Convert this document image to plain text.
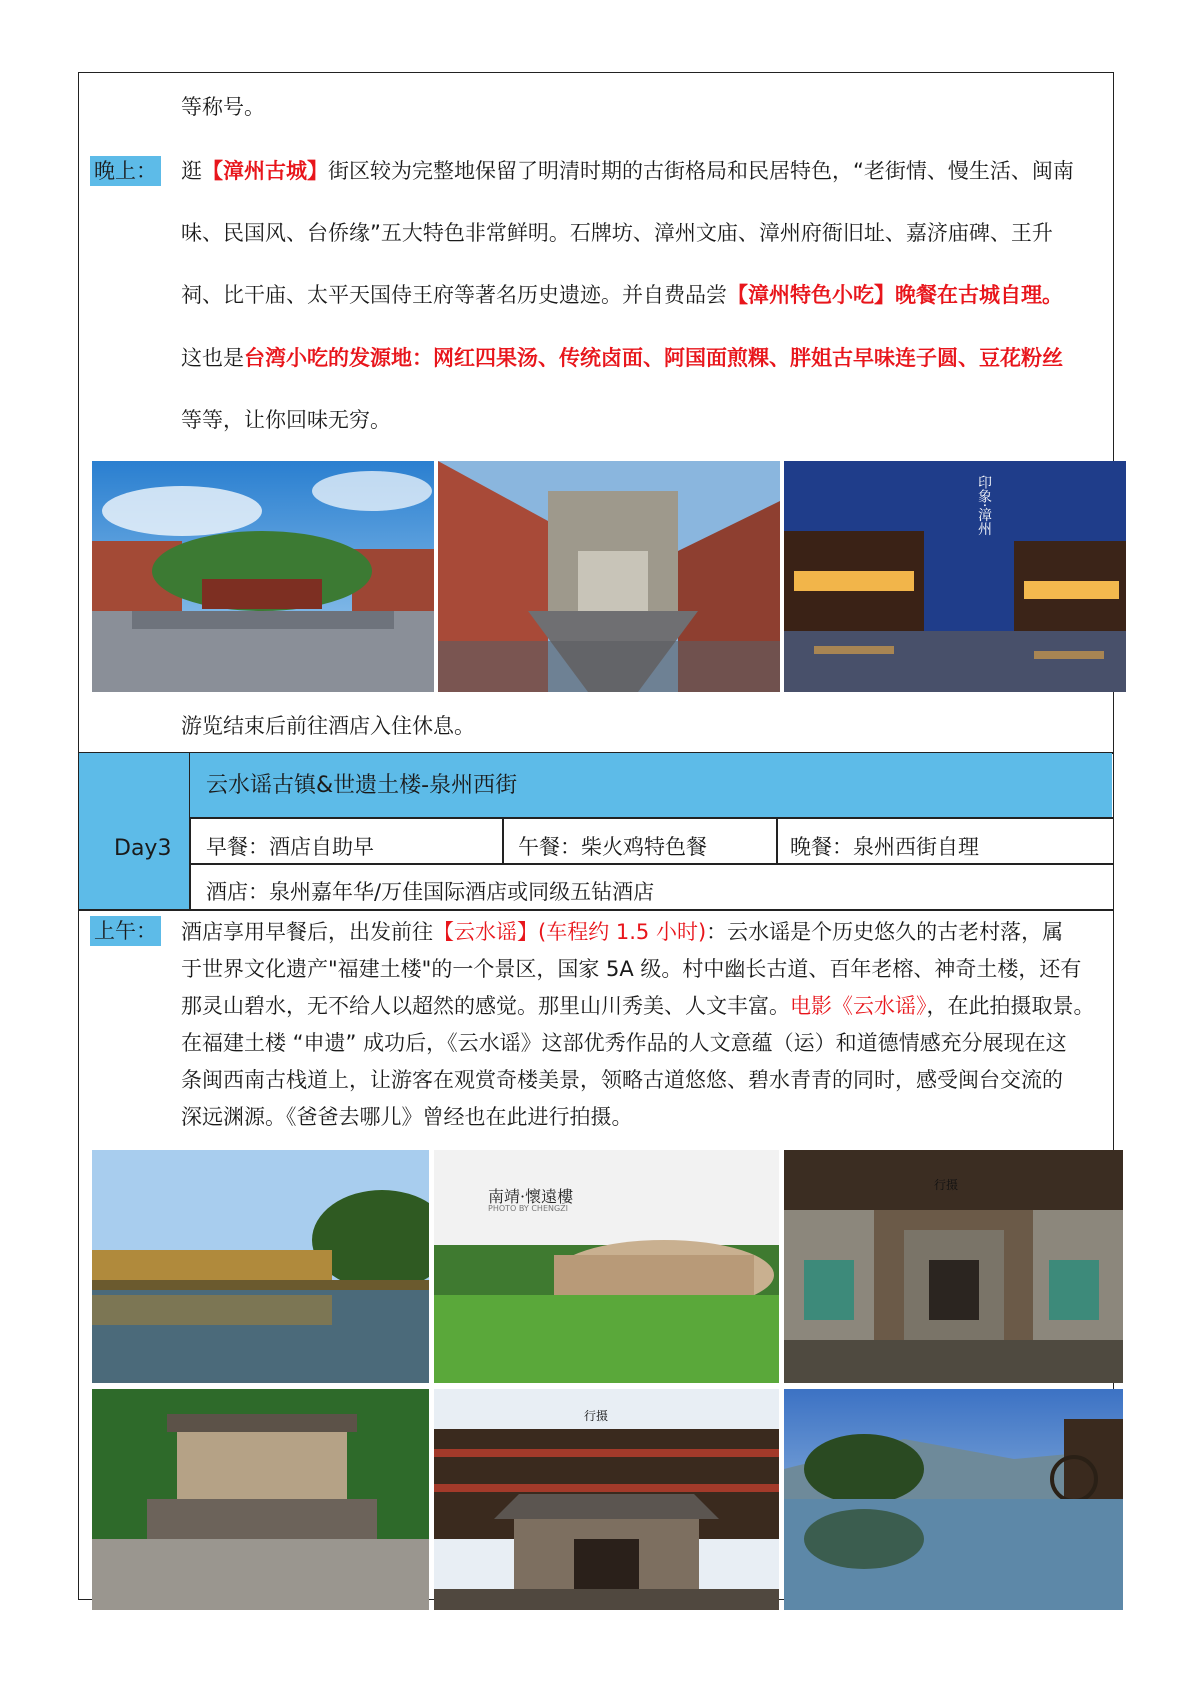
等称号。
晚上： 逛【漳州古城】街区较为完整地保留了明清时期的古街格局和民居特色，“老街情、慢生活、闽南
味、民国风、台侨缘”五大特色非常鲜明。石牌坊、漳州文庙、漳州府衙旧址、嘉济庙碑、王升
祠、比干庙、太平天国侍王府等著名历史遗迹。并自费品尝【漳州特色小吃】晚餐在古城自理。
这也是台湾小吃的发源地：网红四果汤、传统卤面、阿国面煎粿、胖姐古早味连子圆、豆花粉丝
等等，让你回味无穷。
印象·漳州
游览结束后前往酒店入住休息。
Day3
云水谣古镇&世遗土楼-泉州西街
早餐：酒店自助早	午餐：柴火鸡特色餐	晚餐：泉州西街自理
酒店：泉州嘉年华/万佳国际酒店或同级五钻酒店
上午： 酒店享用早餐后，出发前往【云水谣】(车程约 1.5 小时)：云水谣是个历史悠久的古老村落，属
于世界文化遗产"福建土楼"的一个景区，国家 5A 级。村中幽长古道、百年老榕、神奇土楼，还有
那灵山碧水，无不给人以超然的感觉。那里山川秀美、人文丰富。电影《云水谣》，在此拍摄取景。
在福建土楼 “申遗” 成功后，《云水谣》这部优秀作品的人文意蕴（运）和道德情感充分展现在这
条闽西南古栈道上，让游客在观赏奇楼美景，领略古道悠悠、碧水青青的同时，感受闽台交流的
深远渊源。《爸爸去哪儿》曾经也在此进行拍摄。
南靖·懷遠樓
PHOTO BY CHENGZI
行摄
行摄
